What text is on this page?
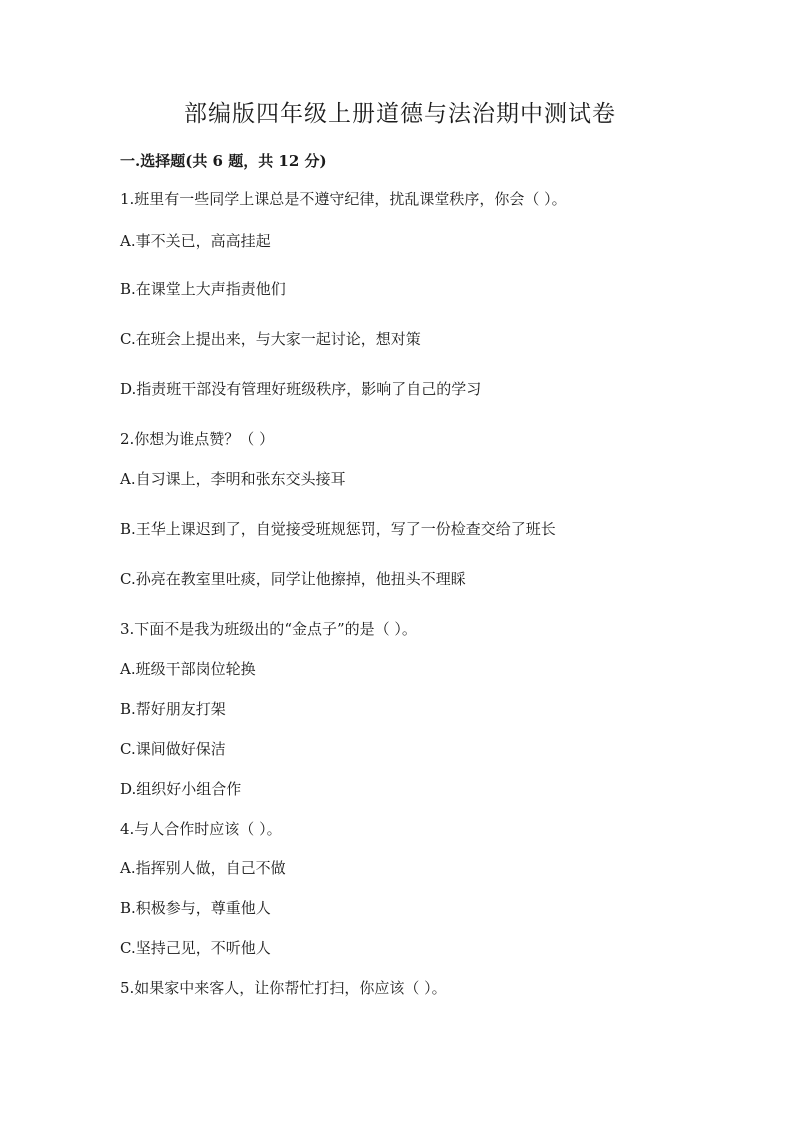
部编版四年级上册道德与法治期中测试卷
一.选择题(共 6 题，共 12 分)
1.班里有一些同学上课总是不遵守纪律，扰乱课堂秩序，你会（ ）。
A.事不关已，高高挂起
B.在课堂上大声指责他们
C.在班会上提出来，与大家一起讨论，想对策
D.指责班干部没有管理好班级秩序，影响了自己的学习
2.你想为谁点赞？（ ）
A.自习课上，李明和张东交头接耳
B.王华上课迟到了，自觉接受班规惩罚，写了一份检查交给了班长
C.孙亮在教室里吐痰，同学让他擦掉，他扭头不理睬
3.下面不是我为班级出的“金点子”的是（ ）。
A.班级干部岗位轮换
B.帮好朋友打架
C.课间做好保洁
D.组织好小组合作
4.与人合作时应该（ ）。
A.指挥别人做，自己不做
B.积极参与，尊重他人
C.坚持己见，不听他人
5.如果家中来客人，让你帮忙打扫，你应该（ ）。
